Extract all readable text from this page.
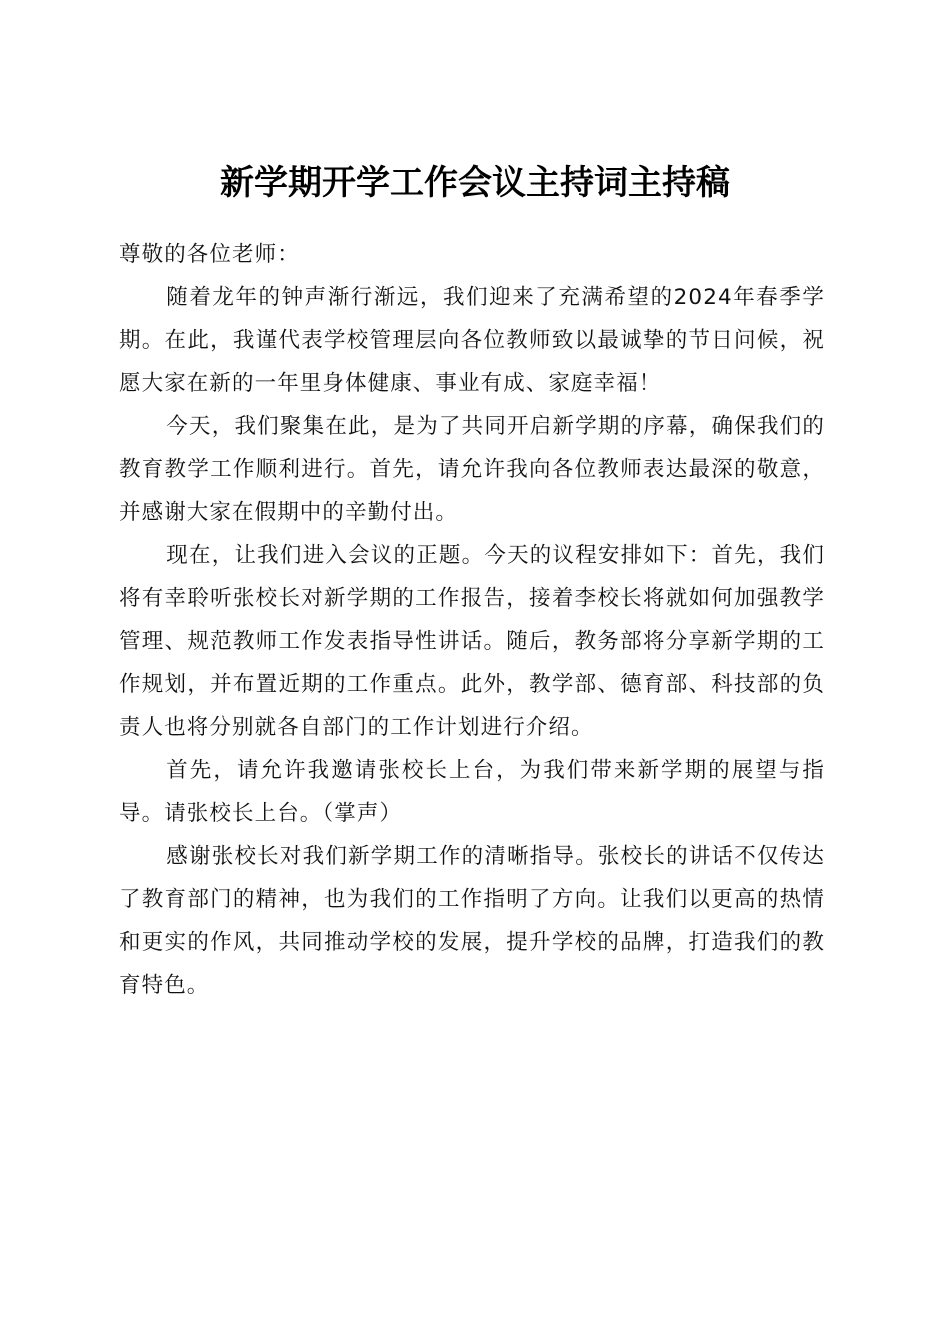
新学期开学工作会议主持词主持稿

尊敬的各位老师：

随着龙年的钟声渐行渐远，我们迎来了充满希望的2024年春季学期。在此，我谨代表学校管理层向各位教师致以最诚挚的节日问候，祝愿大家在新的一年里身体健康、事业有成、家庭幸福！

今天，我们聚集在此，是为了共同开启新学期的序幕，确保我们的教育教学工作顺利进行。首先，请允许我向各位教师表达最深的敬意，并感谢大家在假期中的辛勤付出。

现在，让我们进入会议的正题。今天的议程安排如下：首先，我们将有幸聆听张校长对新学期的工作报告，接着李校长将就如何加强教学管理、规范教师工作发表指导性讲话。随后，教务部将分享新学期的工作规划，并布置近期的工作重点。此外，教学部、德育部、科技部的负责人也将分别就各自部门的工作计划进行介绍。

首先，请允许我邀请张校长上台，为我们带来新学期的展望与指导。请张校长上台。（掌声）

感谢张校长对我们新学期工作的清晰指导。张校长的讲话不仅传达了教育部门的精神，也为我们的工作指明了方向。让我们以更高的热情和更实的作风，共同推动学校的发展，提升学校的品牌，打造我们的教育特色。
